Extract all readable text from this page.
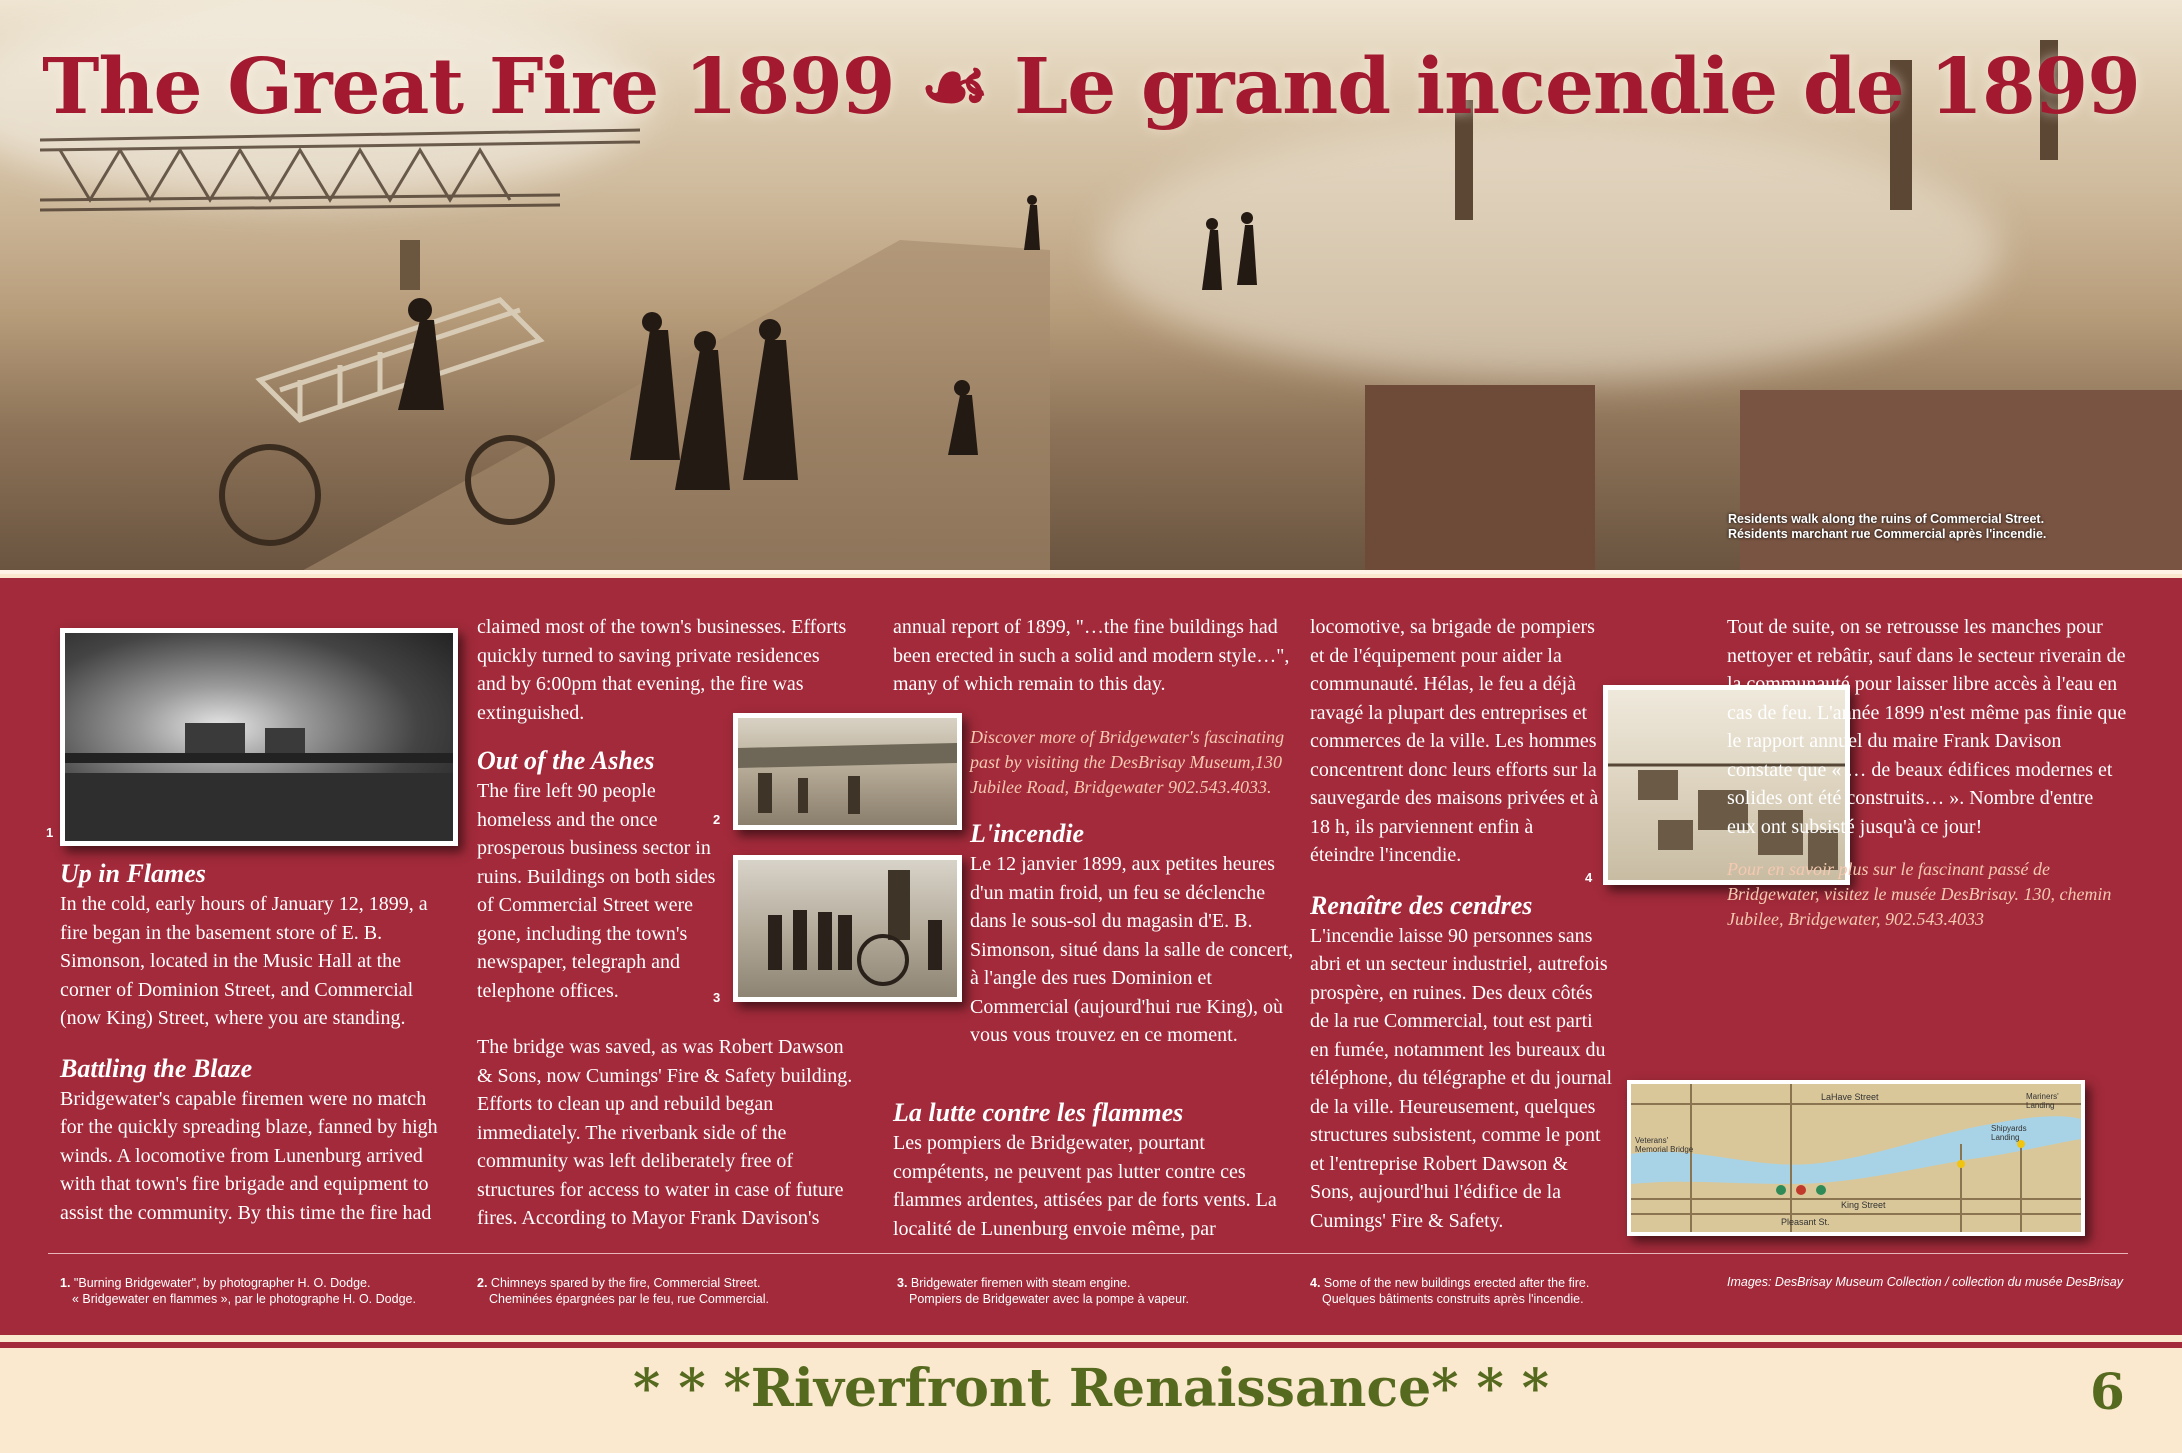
The Great Fire 1899 ☙ Le grand incendie de 1899
Residents walk along the ruins of Commercial Street.
Résidents marchant rue Commercial après l'incendie.
1
2
3
4

Up in Flames

In the cold, early hours of January 12, 1899, a fire began in the basement store of E. B. Simonson, located in the Music Hall at the corner of Dominion Street, and Commercial (now King) Street, where you are standing.

Battling the Blaze

Bridgewater's capable firemen were no match for the quickly spreading blaze, fanned by high winds. A locomotive from Lunenburg arrived with that town's fire brigade and equipment to assist the community. By this time the fire had

claimed most of the town's businesses. Efforts quickly turned to saving private residences and by 6:00pm that evening, the fire was extinguished.

Out of the Ashes

The fire left 90 people homeless and the once prosperous business sector in ruins. Buildings on both sides of Commercial Street were gone, including the town's newspaper, telegraph and telephone offices.

The bridge was saved, as was Robert Dawson & Sons, now Cumings' Fire & Safety building. Efforts to clean up and rebuild began immediately. The riverbank side of the community was left deliberately free of structures for access to water in case of future fires. According to Mayor Frank Davison's

annual report of 1899, "…the fine buildings had been erected in such a solid and modern style…", many of which remain to this day.

Discover more of Bridgewater's fascinating past by visiting the DesBrisay Museum,130 Jubilee Road, Bridgewater 902.543.4033.

L'incendie

Le 12 janvier 1899, aux petites heures d'un matin froid, un feu se déclenche dans le sous-sol du magasin d'E. B. Simonson, situé dans la salle de concert, à l'angle des rues Dominion et Commercial (aujourd'hui rue King), où vous vous trouvez en ce moment.

La lutte contre les flammes

Les pompiers de Bridgewater, pourtant compétents, ne peuvent pas lutter contre ces flammes ardentes, attisées par de forts vents. La localité de Lunenburg envoie même, par

locomotive, sa brigade de pompiers et de l'équipement pour aider la communauté. Hélas, le feu a déjà ravagé la plupart des entreprises et commerces de la ville. Les hommes concentrent donc leurs efforts sur la sauvegarde des maisons privées et à 18 h, ils parviennent enfin à éteindre l'incendie.

Renaître des cendres

L'incendie laisse 90 personnes sans abri et un secteur industriel, autrefois prospère, en ruines. Des deux côtés de la rue Commercial, tout est parti en fumée, notamment les bureaux du téléphone, du télégraphe et du journal de la ville. Heureusement, quelques structures subsistent, comme le pont et l'entreprise Robert Dawson & Sons, aujourd'hui l'édifice de la Cumings' Fire & Safety.

Tout de suite, on se retrousse les manches pour nettoyer et rebâtir, sauf dans le secteur riverain de la communauté pour laisser libre accès à l'eau en cas de feu. L'année 1899 n'est même pas finie que le rapport annuel du maire Frank Davison constate que « … de beaux édifices modernes et solides ont été construits… ». Nombre d'entre eux ont subsisté jusqu'à ce jour!

Pour en savoir plus sur le fascinant passé de Bridgewater, visitez le musée DesBrisay. 130, chemin Jubilee, Bridgewater, 902.543.4033

LaHave Street
King Street
Pleasant St.
Veterans' Memorial Bridge
Mariners' Landing
Shipyards Landing
1. "Burning Bridgewater", by photographer H. O. Dodge.
« Bridgewater en flammes », par le photographe H. O. Dodge.
2. Chimneys spared by the fire, Commercial Street.
Cheminées épargnées par le feu, rue Commercial.
3. Bridgewater firemen with steam engine.
Pompiers de Bridgewater avec la pompe à vapeur.
4. Some of the new buildings erected after the fire.
Quelques bâtiments construits après l'incendie.
Images: DesBrisay Museum Collection / collection du musée DesBrisay
* * *Riverfront Renaissance* * *	6
